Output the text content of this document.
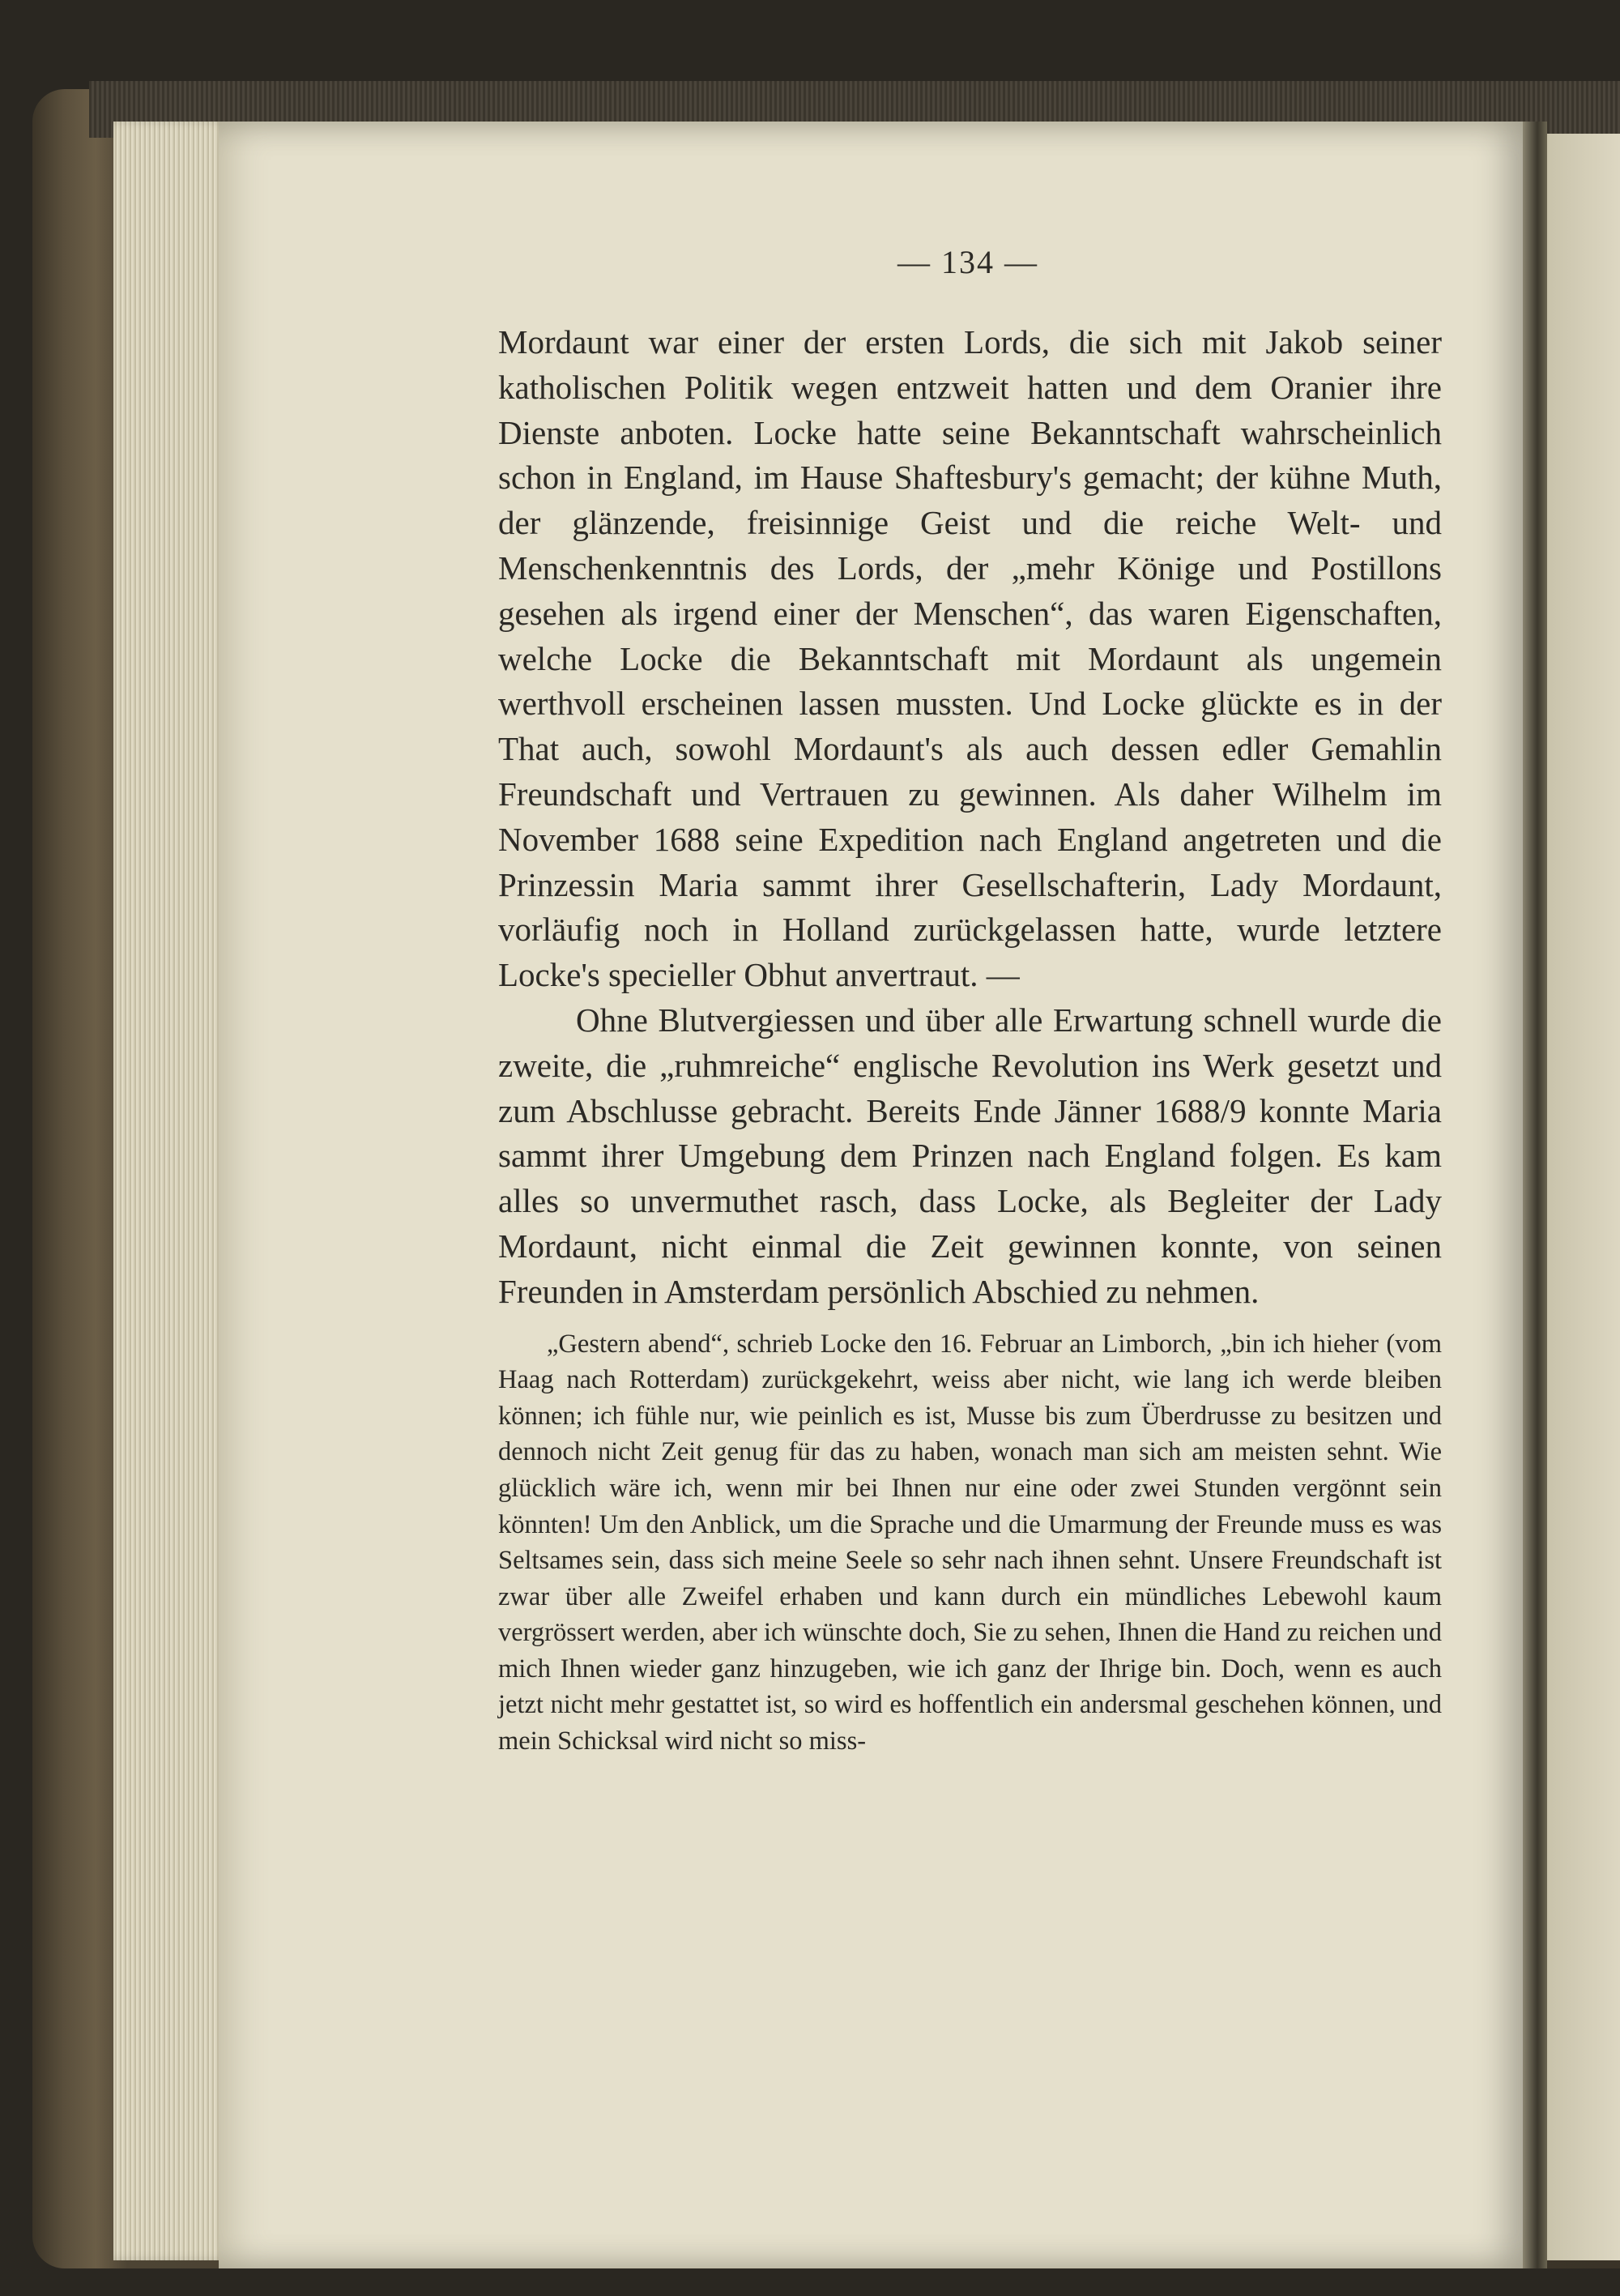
— 134 —

Mordaunt war einer der ersten Lords, die sich mit Jakob seiner katholischen Politik wegen entzweit hatten und dem Oranier ihre Dienste anboten. Locke hatte seine Bekanntschaft wahrscheinlich schon in England, im Hause Shaftesbury's gemacht; der kühne Muth, der glänzende, freisinnige Geist und die reiche Welt- und Menschenkenntnis des Lords, der „mehr Könige und Postillons gesehen als irgend einer der Menschen“, das waren Eigenschaften, welche Locke die Bekanntschaft mit Mordaunt als ungemein werthvoll erscheinen lassen mussten. Und Locke glückte es in der That auch, sowohl Mordaunt's als auch dessen edler Gemahlin Freundschaft und Vertrauen zu gewinnen. Als daher Wilhelm im November 1688 seine Expedition nach England angetreten und die Prinzessin Maria sammt ihrer Gesellschafterin, Lady Mordaunt, vorläufig noch in Holland zurückgelassen hatte, wurde letztere Locke's specieller Obhut anvertraut. —

Ohne Blutvergiessen und über alle Erwartung schnell wurde die zweite, die „ruhmreiche“ englische Revolution ins Werk gesetzt und zum Abschlusse gebracht. Bereits Ende Jänner 1688/9 konnte Maria sammt ihrer Umgebung dem Prinzen nach England folgen. Es kam alles so unvermuthet rasch, dass Locke, als Begleiter der Lady Mordaunt, nicht einmal die Zeit gewinnen konnte, von seinen Freunden in Amsterdam persönlich Abschied zu nehmen.

„Gestern abend“, schrieb Locke den 16. Februar an Limborch, „bin ich hieher (vom Haag nach Rotterdam) zurückgekehrt, weiss aber nicht, wie lang ich werde bleiben können; ich fühle nur, wie peinlich es ist, Musse bis zum Überdrusse zu besitzen und dennoch nicht Zeit genug für das zu haben, wonach man sich am meisten sehnt. Wie glücklich wäre ich, wenn mir bei Ihnen nur eine oder zwei Stunden vergönnt sein könnten! Um den Anblick, um die Sprache und die Umarmung der Freunde muss es was Seltsames sein, dass sich meine Seele so sehr nach ihnen sehnt. Unsere Freundschaft ist zwar über alle Zweifel erhaben und kann durch ein mündliches Lebewohl kaum vergrössert werden, aber ich wünschte doch, Sie zu sehen, Ihnen die Hand zu reichen und mich Ihnen wieder ganz hinzugeben, wie ich ganz der Ihrige bin. Doch, wenn es auch jetzt nicht mehr gestattet ist, so wird es hoffentlich ein andersmal geschehen können, und mein Schicksal wird nicht so miss-
